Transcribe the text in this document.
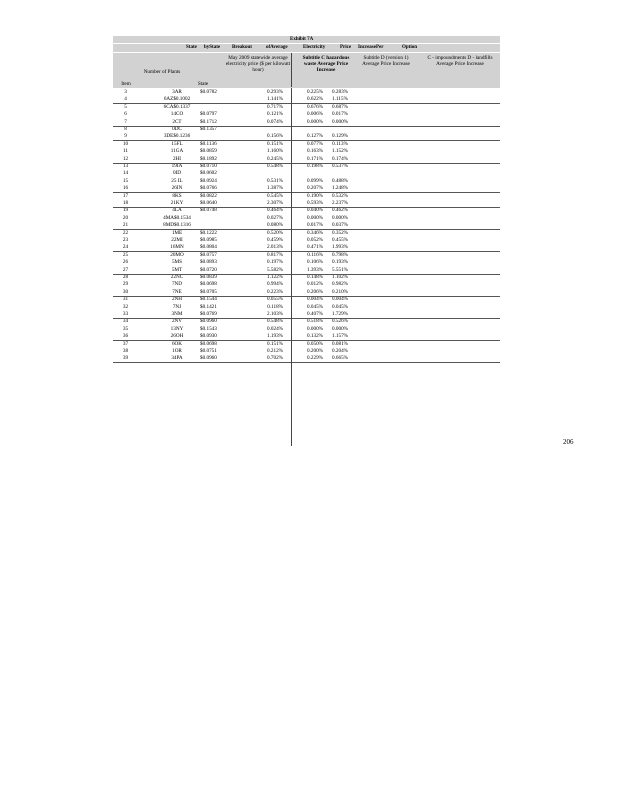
Exhibit 7A
State byState Breakout	ofAverage	Electricity	Price IncreasePer	Option
Item
Number of Plants
State
May 2009 statewide average electricity price ($ per kilowatt hour)
Subtitle C hazardous waste Average Price Increase
Subtitle D (version 1) Average Price Increase
C - impoundments D - landfills Average Price Increase
3	3AR	$0.0782	0.293%	0.225%	0.283%
4	6AZ$0.1002	1.141%	0.622%	1.115%
5	6CA$0.1337	0.717%	0.676%	0.687%
6	14CO	$0.0797	0.121%	0.006%	0.017%
7	2CT	$0.1712	0.074%	0.000%	0.000%
8	0DC	$0.1357
9	3DE$0.1236	0.156%	0.127%	0.129%
10	15FL	$0.1136	0.151%	0.077%	0.113%
11	11GA	$0.0859	1.160%	0.163%	1.152%
12	2HI	$0.1892	0.245%	0.171%	0.174%
13	19IA	$0.0710	0.548%	0.198%	0.537%
14	0ID	$0.0602
15	25 IL	$0.0924	0.531%	0.099%	0.488%
16	26IN	$0.0766	1.387%	0.207%	1.248%
17	8KS	$0.0822	0.545%	0.190%	0.532%
18	21KY	$0.0640	2.307%	0.593%	2.237%
19	4LA	$0.0748	0.464%	0.040%	0.462%
20	4MA$0.1534	0.027%	0.000%	0.000%
21	8MD$0.1316	0.080%	0.017%	0.037%
22	1ME	$0.1222	0.520%	0.346%	0.352%
23	22MI	$0.0985	0.459%	0.052%	0.455%
24	16MN	$0.0804	2.013%	0.471%	1.993%
25	20MO	$0.0757	0.817%	0.116%	0.798%
26	5MS	$0.0893	0.197%	0.106%	0.193%
27	5MT	$0.0720	5.582%	1.393%	5.551%
28	22NC	$0.0839	1.122%	0.148%	1.102%
29	7ND	$0.0698	0.994%	0.012%	0.982%
30	7NE	$0.0705	0.223%	0.206%	0.210%
31	2NH	$0.1544	0.055%	0.004%	0.004%
32	7NJ	$0.1421	0.118%	0.045%	0.045%
33	3NM	$0.0769	2.103%	0.407%	1.729%
34	2NV	$0.0960	0.548%	0.518%	0.526%
35	13NY	$0.1543	0.024%	0.000%	0.000%
36	26OH	$0.0930	1.193%	0.132%	1.157%
37	6OK	$0.0698	0.151%	0.050%	0.081%
38	1OR	$0.0751	0.212%	0.200%	0.204%
39	34PA	$0.0960	0.702%	0.229%	0.665%
206
